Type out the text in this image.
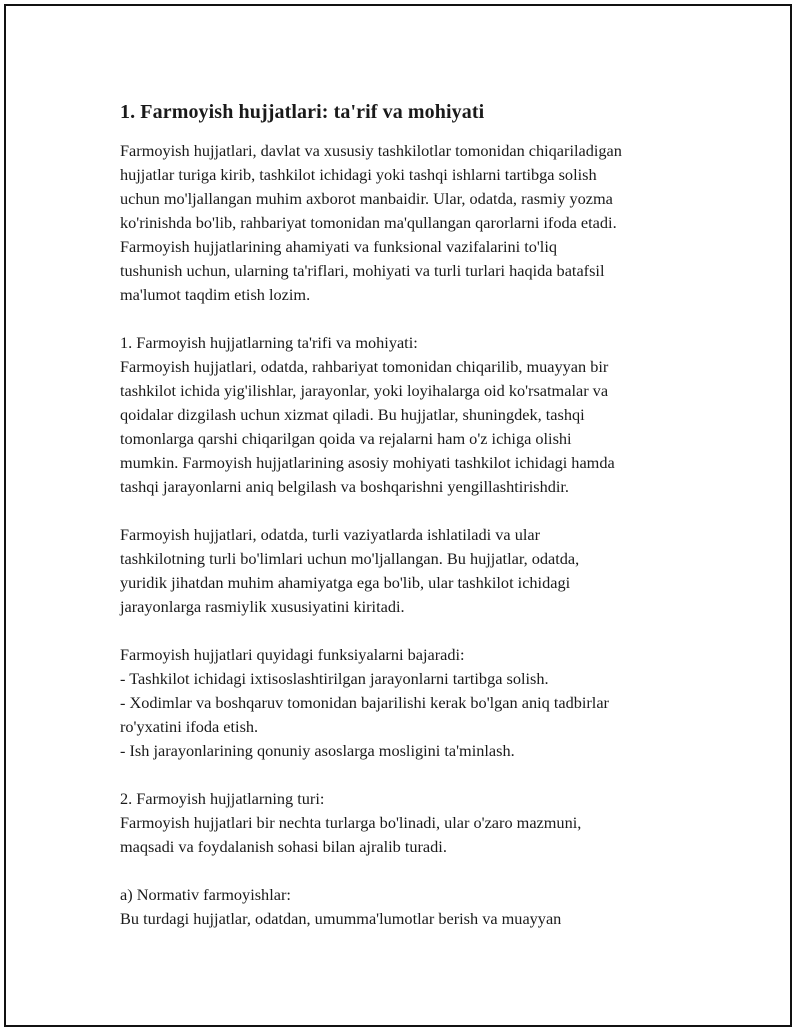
1. Farmoyish hujjatlari: ta'rif va mohiyati
Farmoyish hujjatlari, davlat va xususiy tashkilotlar tomonidan chiqariladigan
hujjatlar turiga kirib, tashkilot ichidagi yoki tashqi ishlarni tartibga solish
uchun mo'ljallangan muhim axborot manbaidir. Ular, odatda, rasmiy yozma
ko'rinishda bo'lib, rahbariyat tomonidan ma'qullangan qarorlarni ifoda etadi.
Farmoyish hujjatlarining ahamiyati va funksional vazifalarini to'liq
tushunish uchun, ularning ta'riflari, mohiyati va turli turlari haqida batafsil
ma'lumot taqdim etish lozim.
1. Farmoyish hujjatlarning ta'rifi va mohiyati:
Farmoyish hujjatlari, odatda, rahbariyat tomonidan chiqarilib, muayyan bir
tashkilot ichida yig'ilishlar, jarayonlar, yoki loyihalarga oid ko'rsatmalar va
qoidalar dizgilash uchun xizmat qiladi. Bu hujjatlar, shuningdek, tashqi
tomonlarga qarshi chiqarilgan qoida va rejalarni ham o'z ichiga olishi
mumkin. Farmoyish hujjatlarining asosiy mohiyati tashkilot ichidagi hamda
tashqi jarayonlarni aniq belgilash va boshqarishni yengillashtirishdir.
Farmoyish hujjatlari, odatda, turli vaziyatlarda ishlatiladi va ular
tashkilotning turli bo'limlari uchun mo'ljallangan. Bu hujjatlar, odatda,
yuridik jihatdan muhim ahamiyatga ega bo'lib, ular tashkilot ichidagi
jarayonlarga rasmiylik xususiyatini kiritadi.
Farmoyish hujjatlari quyidagi funksiyalarni bajaradi:
- Tashkilot ichidagi ixtisoslashtirilgan jarayonlarni tartibga solish.
- Xodimlar va boshqaruv tomonidan bajarilishi kerak bo'lgan aniq tadbirlar
ro'yxatini ifoda etish.
- Ish jarayonlarining qonuniy asoslarga mosligini ta'minlash.
2. Farmoyish hujjatlarning turi:
Farmoyish hujjatlari bir nechta turlarga bo'linadi, ular o'zaro mazmuni,
maqsadi va foydalanish sohasi bilan ajralib turadi.
a) Normativ farmoyishlar:
Bu turdagi hujjatlar, odatdan, umumma'lumotlar berish va muayyan
